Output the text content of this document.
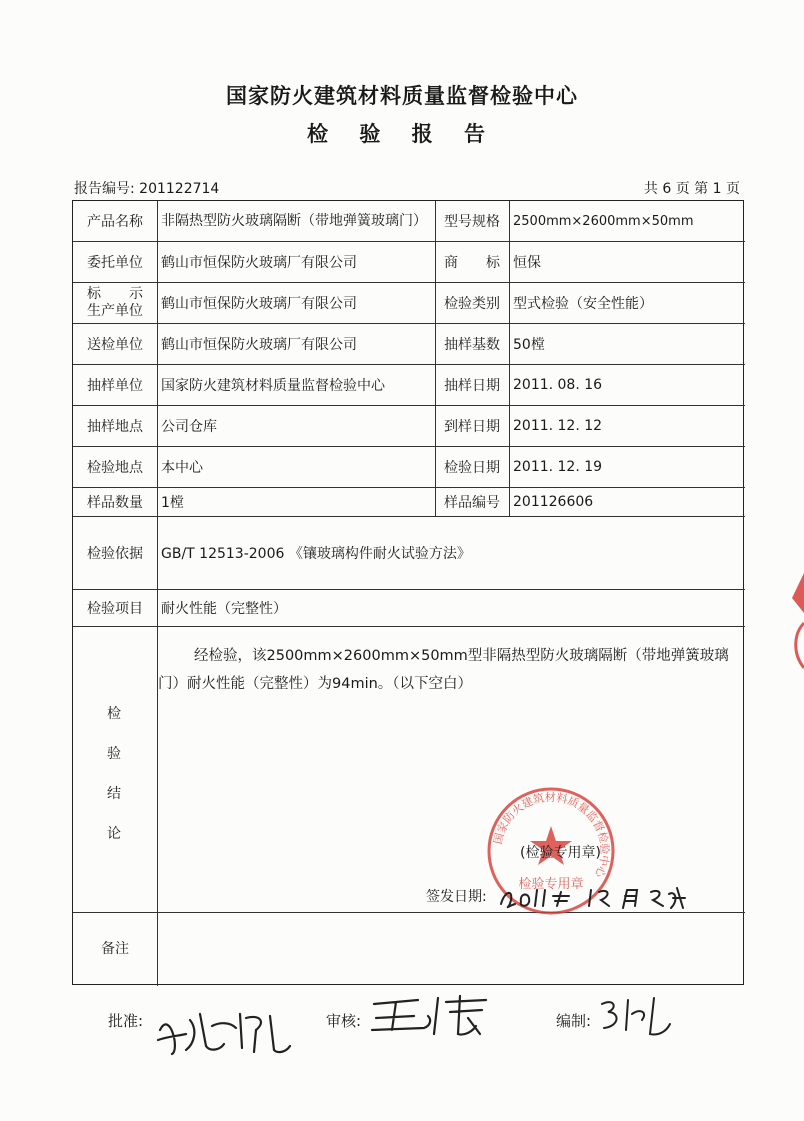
国家防火建筑材料质量监督检验中心
检 验 报 告
报告编号: 201122714	共 6 页 第 1 页
产品名称	非隔热型防火玻璃隔断（带地弹簧玻璃门）	型号规格	2500mm×2600mm×50mm
委托单位	鹤山市恒保防火玻璃厂有限公司	商　　标 恒保
标　　示
生产单位 鹤山市恒保防火玻璃厂有限公司	检验类别 型式检验（安全性能）
送检单位	鹤山市恒保防火玻璃厂有限公司	抽样基数 50樘
抽样单位	国家防火建筑材料质量监督检验中心	抽样日期 2011. 08. 16
抽样地点	公司仓库	到样日期 2011. 12. 12
检验地点	本中心	检验日期 2011. 12. 19
样品数量	1樘	样品编号 201126606
检验依据	GB/T 12513-2006 《镶玻璃构件耐火试验方法》
检验项目	耐火性能（完整性）
备注
检
验
结
论
经检验，该2500mm×2600mm×50mm型非隔热型防火玻璃隔断（带地弹簧玻璃门）耐火性能（完整性）为94min。（以下空白）
国家防火建筑材料质量监督检验中心
检验专用章
(检验专用章)
签发日期:
批准:	审核:	编制:
